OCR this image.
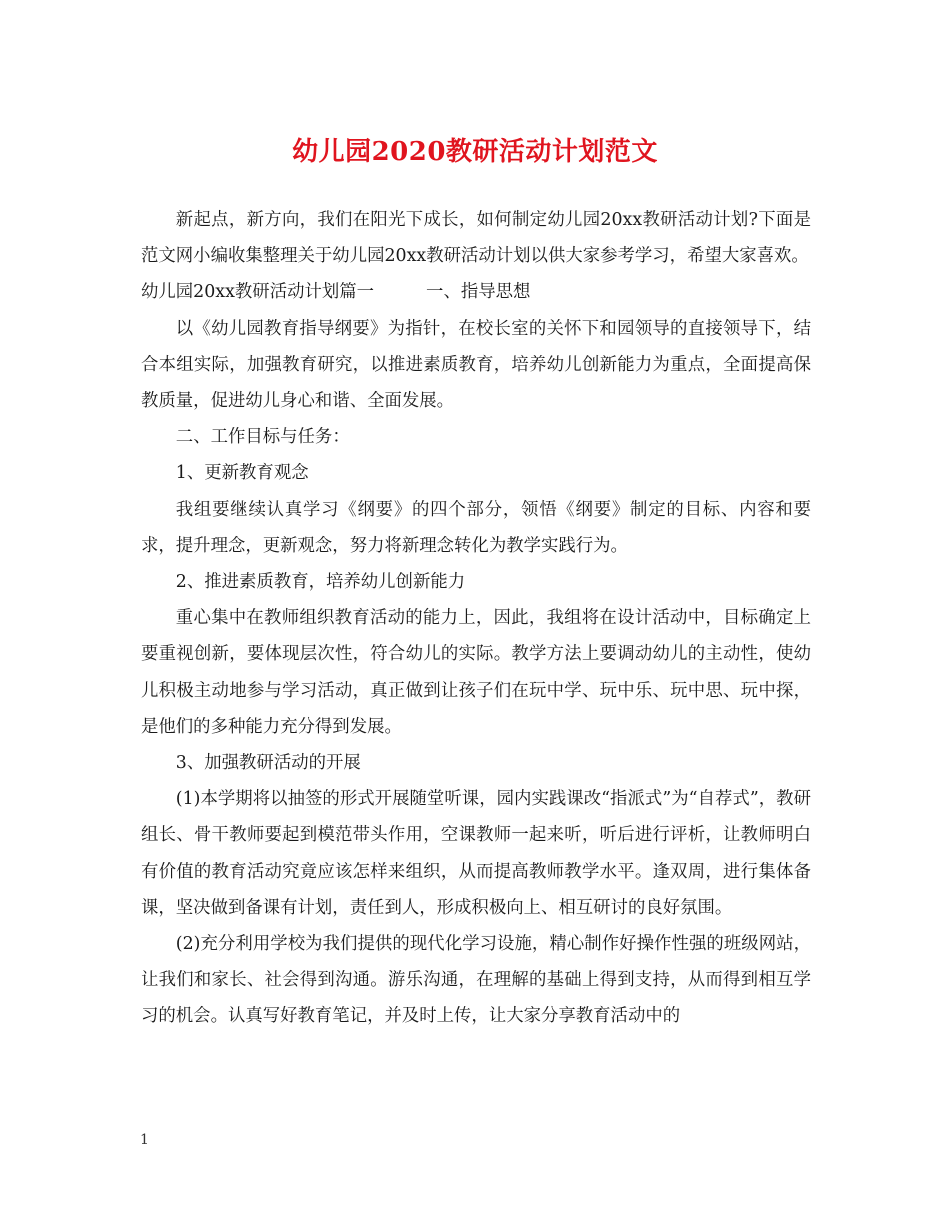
幼儿园2020教研活动计划范文

新起点，新方向，我们在阳光下成长，如何制定幼儿园20xx教研活动计划?下面是范文网小编收集整理关于幼儿园20xx教研活动计划以供大家参考学习，希望大家喜欢。

幼儿园20xx教研活动计划篇一	一、指导思想

以《幼儿园教育指导纲要》为指针，在校长室的关怀下和园领导的直接领导下，结合本组实际，加强教育研究，以推进素质教育，培养幼儿创新能力为重点，全面提高保教质量，促进幼儿身心和谐、全面发展。

二、工作目标与任务：

1、更新教育观念

我组要继续认真学习《纲要》的四个部分，领悟《纲要》制定的目标、内容和要求，提升理念，更新观念，努力将新理念转化为教学实践行为。

2、推进素质教育，培养幼儿创新能力

重心集中在教师组织教育活动的能力上，因此，我组将在设计活动中，目标确定上要重视创新，要体现层次性，符合幼儿的实际。教学方法上要调动幼儿的主动性，使幼儿积极主动地参与学习活动，真正做到让孩子们在玩中学、玩中乐、玩中思、玩中探，是他们的多种能力充分得到发展。

3、加强教研活动的开展

(1)本学期将以抽签的形式开展随堂听课，园内实践课改“指派式”为“自荐式”，教研组长、骨干教师要起到模范带头作用，空课教师一起来听，听后进行评析，让教师明白有价值的教育活动究竟应该怎样来组织，从而提高教师教学水平。逢双周，进行集体备课，坚决做到备课有计划，责任到人，形成积极向上、相互研讨的良好氛围。

(2)充分利用学校为我们提供的现代化学习设施，精心制作好操作性强的班级网站，让我们和家长、社会得到沟通。游乐沟通，在理解的基础上得到支持，从而得到相互学习的机会。认真写好教育笔记，并及时上传，让大家分享教育活动中的

1
